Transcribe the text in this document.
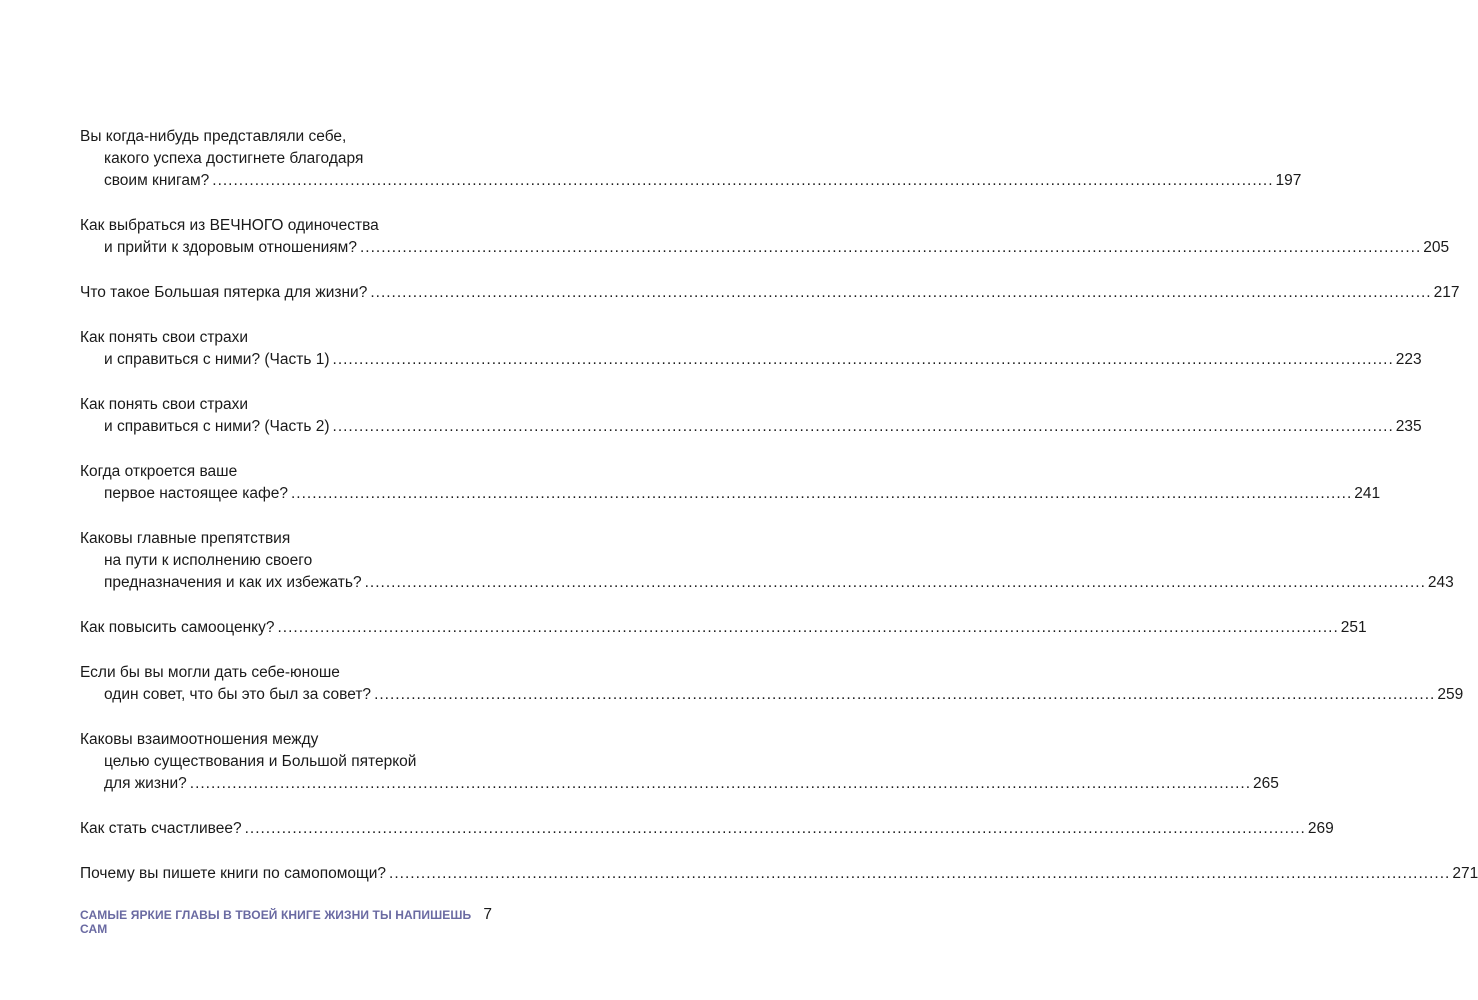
Вы когда-нибудь представляли себе,
какого успеха достигнете благодаря
своим книгам? ........................................................................................................................................................................................................ 197
Как выбраться из ВЕЧНОГО одиночества
и прийти к здоровым отношениям? ........................................................................................................................................................................................................ 205
Что такое Большая пятерка для жизни? ........................................................................................................................................................................................................ 217
Как понять свои страхи
и справиться с ними? (Часть 1) ........................................................................................................................................................................................................ 223
Как понять свои страхи
и справиться с ними? (Часть 2) ........................................................................................................................................................................................................ 235
Когда откроется ваше
первое настоящее кафе? ........................................................................................................................................................................................................ 241
Каковы главные препятствия
на пути к исполнению своего
предназначения и как их избежать? ........................................................................................................................................................................................................ 243
Как повысить самооценку? ........................................................................................................................................................................................................ 251
Если бы вы могли дать себе-юноше
один совет, что бы это был за совет? ........................................................................................................................................................................................................ 259
Каковы взаимоотношения между
целью существования и Большой пятеркой
для жизни? ........................................................................................................................................................................................................ 265
Как стать счастливее? ........................................................................................................................................................................................................ 269
Почему вы пишете книги по самопомощи? ........................................................................................................................................................................................................ 271
САМЫЕ ЯРКИЕ ГЛАВЫ В ТВОЕЙ КНИГЕ ЖИЗНИ ТЫ НАПИШЕШЬ САМ
7
